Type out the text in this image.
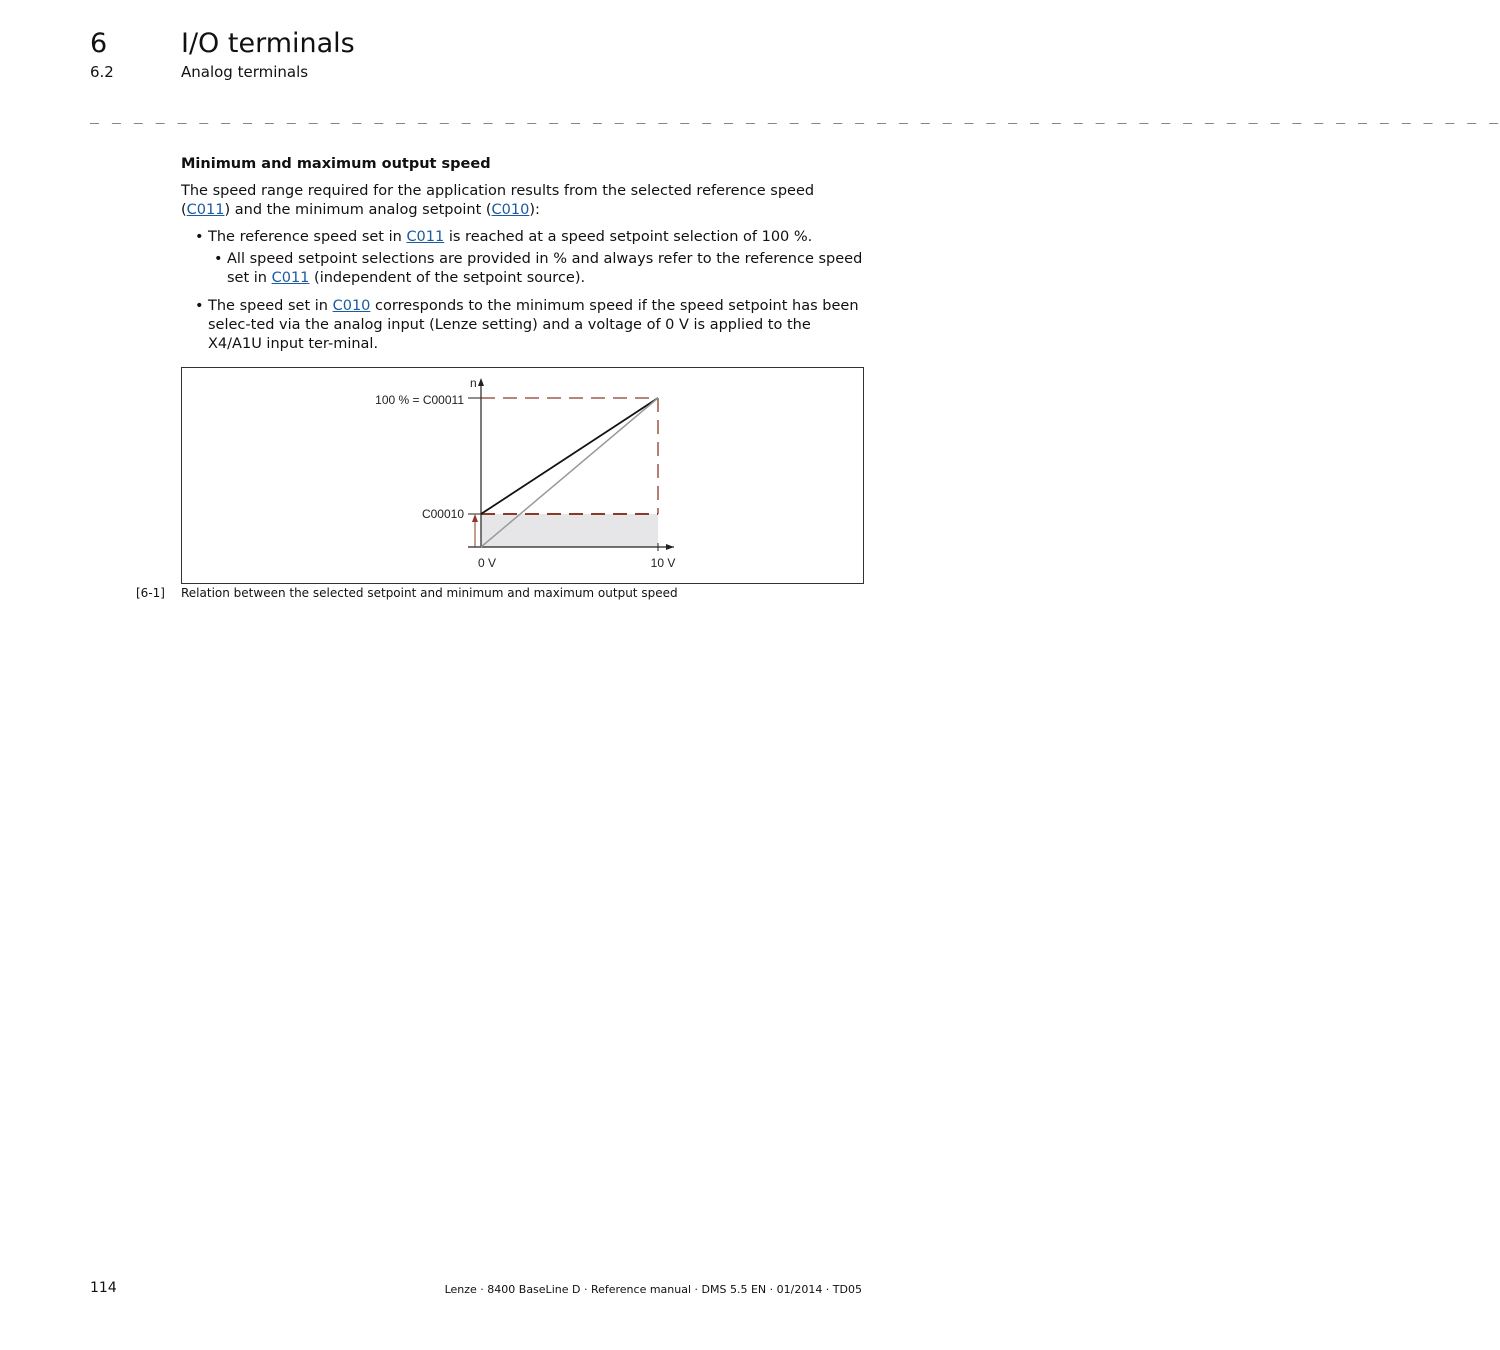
6	I/O terminals
6.2	Analog terminals
_ _ _ _ _ _ _ _ _ _ _ _ _ _ _ _ _ _ _ _ _ _ _ _ _ _ _ _ _ _ _ _ _ _ _ _ _ _ _ _ _ _ _ _ _ _ _ _ _ _ _ _ _ _ _ _ _ _ _ _ _ _ _ _ _
Minimum and maximum output speed
The speed range required for the application results from the selected reference speed (C011) and the minimum analog setpoint (C010):
• The reference speed set in C011 is reached at a speed setpoint selection of 100 %.
• All speed setpoint selections are provided in % and always refer to the reference speed set in C011 (independent of the setpoint source).
• The speed set in C010 corresponds to the minimum speed if the speed setpoint has been selec-ted via the analog input (Lenze setting) and a voltage of 0 V is applied to the X4/A1U input ter-minal.
n
100 % = C00011
C00010
0 V	10 V
[6-1] Relation between the selected setpoint and minimum and maximum output speed
114	Lenze · 8400 BaseLine D · Reference manual · DMS 5.5 EN · 01/2014 · TD05
